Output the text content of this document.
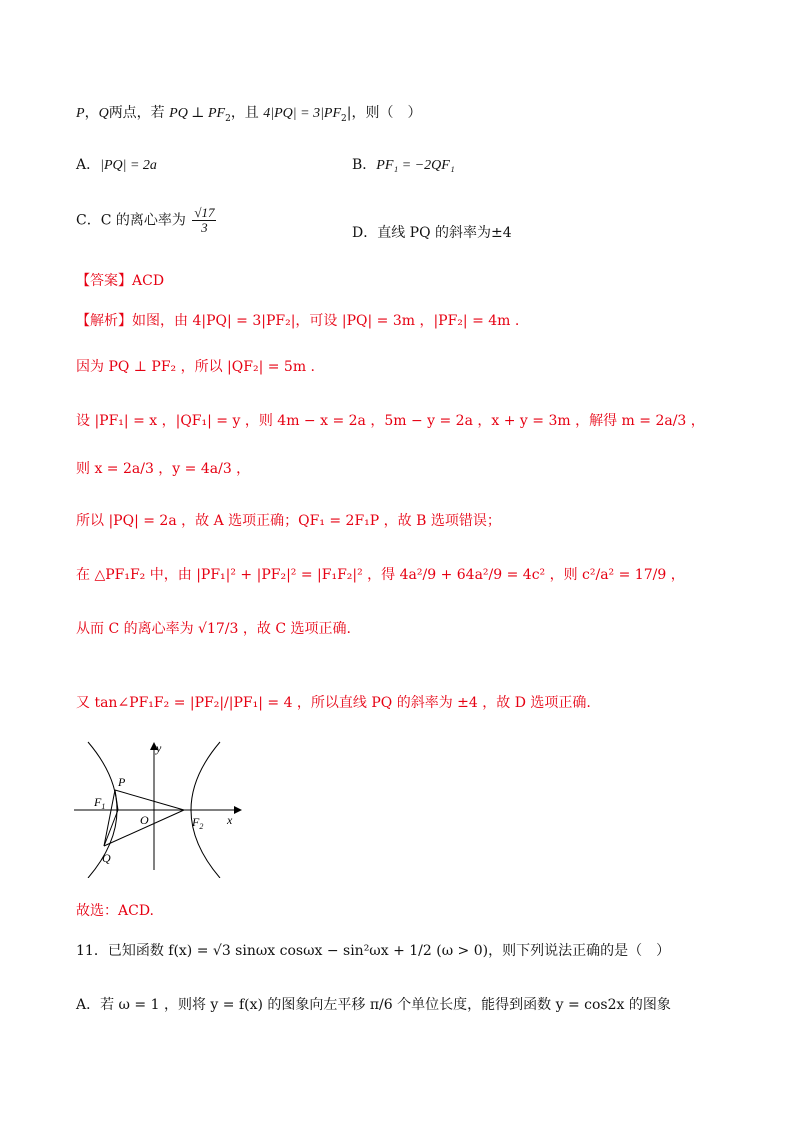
P，Q两点，若 PQ ⊥ $PF_2$，且 $4|PQ| = 3|PF_2|$，则（　）
A．|PQ| = 2a	B．PF₁ = −2QF₁
C．C 的离心率为 $\frac{√17}{3}$	D．直线 PQ 的斜率为±4
【答案】ACD
【解析】如图，由 4|PQ| = 3|PF₂|，可设 |PQ| = 3m ，|PF₂| = 4m .
因为 PQ ⊥ PF₂ ，所以 |QF₂| = 5m .
设 |PF₁| = x ，|QF₁| = y ，则 4m − x = 2a ，5m − y = 2a ，x + y = 3m ，解得 m = 2a/3 ，
则 x = 2a/3 ，y = 4a/3 ，
所以 |PQ| = 2a ，故 A 选项正确；QF₁ = 2F₁P ，故 B 选项错误；
在 △PF₁F₂ 中，由 |PF₁|² + |PF₂|² = |F₁F₂|² ，得 4a²/9 + 64a²/9 = 4c² ，则 c²/a² = 17/9 ，
从而 C 的离心率为 √17/3 ，故 C 选项正确.
又 tan∠PF₁F₂ = |PF₂|/|PF₁| = 4 ，所以直线 PQ 的斜率为 ±4 ，故 D 选项正确.
y
x
P
Q
O
$F_1$
$F_2$
故选：ACD.
11．已知函数 f(x) = √3 sinωx cosωx − sin²ωx + 1/2 (ω > 0)，则下列说法正确的是（　）
A．若 ω = 1 ，则将 y = f(x) 的图象向左平移 π/6 个单位长度，能得到函数 y = cos2x 的图象
